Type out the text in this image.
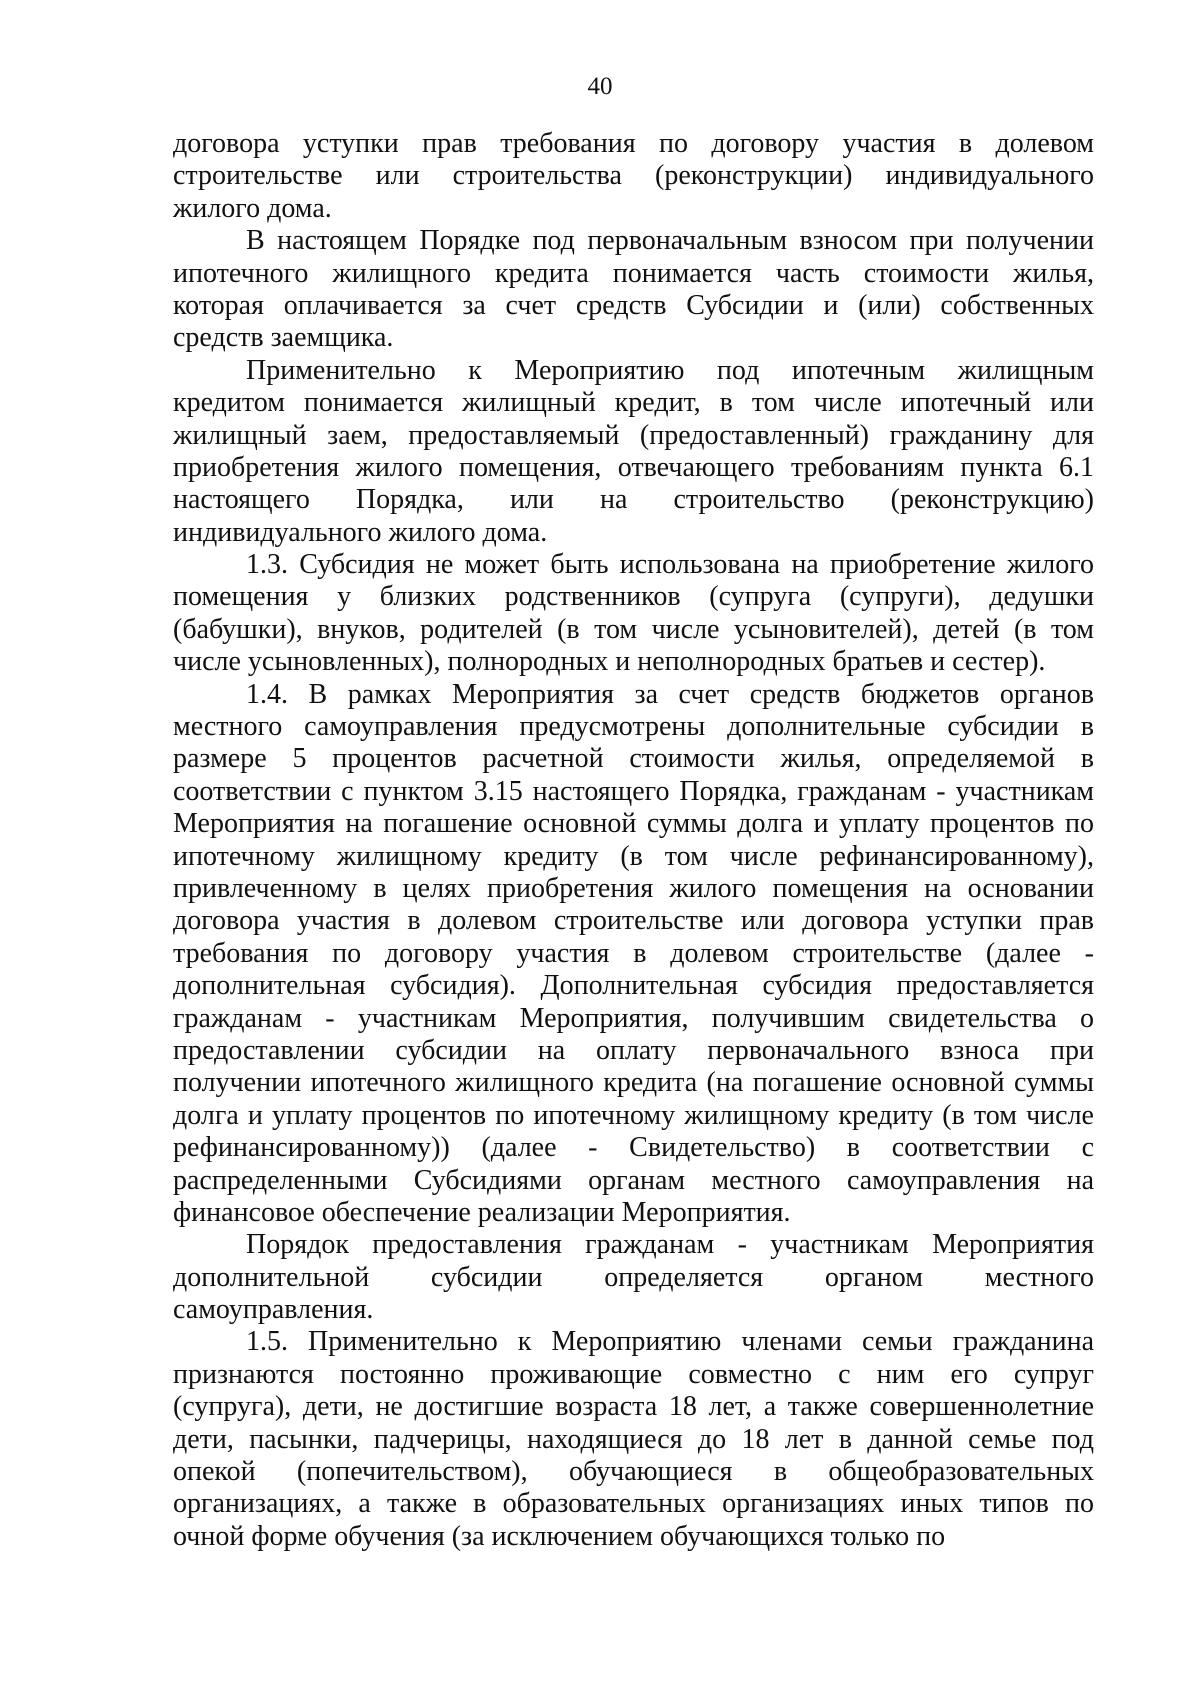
40
договора уступки прав требования по договору участия в долевом
строительстве или строительства (реконструкции) индивидуального
жилого дома.
В настоящем Порядке под первоначальным взносом при получении
ипотечного жилищного кредита понимается часть стоимости жилья,
которая оплачивается за счет средств Субсидии и (или) собственных
средств заемщика.
Применительно к Мероприятию под ипотечным жилищным
кредитом понимается жилищный кредит, в том числе ипотечный или
жилищный заем, предоставляемый (предоставленный) гражданину для
приобретения жилого помещения, отвечающего требованиям пункта 6.1
настоящего Порядка, или на строительство (реконструкцию)
индивидуального жилого дома.
1.3. Субсидия не может быть использована на приобретение жилого
помещения у близких родственников (супруга (супруги), дедушки
(бабушки), внуков, родителей (в том числе усыновителей), детей (в том
числе усыновленных), полнородных и неполнородных братьев и сестер).
1.4. В рамках Мероприятия за счет средств бюджетов органов
местного самоуправления предусмотрены дополнительные субсидии в
размере 5 процентов расчетной стоимости жилья, определяемой в
соответствии с пунктом 3.15 настоящего Порядка, гражданам - участникам
Мероприятия на погашение основной суммы долга и уплату процентов по
ипотечному жилищному кредиту (в том числе рефинансированному),
привлеченному в целях приобретения жилого помещения на основании
договора участия в долевом строительстве или договора уступки прав
требования по договору участия в долевом строительстве (далее -
дополнительная субсидия). Дополнительная субсидия предоставляется
гражданам - участникам Мероприятия, получившим свидетельства о
предоставлении субсидии на оплату первоначального взноса при
получении ипотечного жилищного кредита (на погашение основной суммы
долга и уплату процентов по ипотечному жилищному кредиту (в том числе
рефинансированному)) (далее - Свидетельство) в соответствии с
распределенными Субсидиями органам местного самоуправления на
финансовое обеспечение реализации Мероприятия.
Порядок предоставления гражданам - участникам Мероприятия
дополнительной субсидии определяется органом местного
самоуправления.
1.5. Применительно к Мероприятию членами семьи гражданина
признаются постоянно проживающие совместно с ним его супруг
(супруга), дети, не достигшие возраста 18 лет, а также совершеннолетние
дети, пасынки, падчерицы, находящиеся до 18 лет в данной семье под
опекой (попечительством), обучающиеся в общеобразовательных
организациях, а также в образовательных организациях иных типов по
очной форме обучения (за исключением обучающихся только по
